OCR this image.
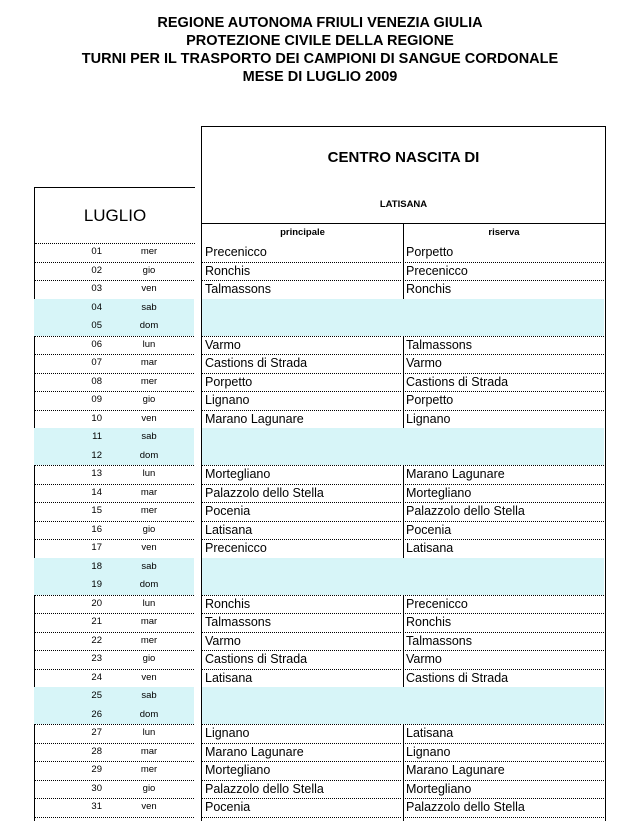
REGIONE AUTONOMA FRIULI VENEZIA GIULIA
PROTEZIONE CIVILE DELLA REGIONE
TURNI PER IL TRASPORTO DEI CAMPIONI DI SANGUE CORDONALE
MESE DI LUGLIO 2009
LUGLIO
CENTRO NASCITA DI
LATISANA
principale	riserva
01	mer	Precenicco	Porpetto
02	gio	Ronchis	Precenicco
03	ven	Talmassons	Ronchis
04	sab
05	dom
06	lun	Varmo	Talmassons
07	mar	Castions di Strada	Varmo
08	mer	Porpetto	Castions di Strada
09	gio	Lignano	Porpetto
10	ven	Marano Lagunare	Lignano
11	sab
12	dom
13	lun	Mortegliano	Marano Lagunare
14	mar	Palazzolo dello Stella	Mortegliano
15	mer	Pocenia	Palazzolo dello Stella
16	gio	Latisana	Pocenia
17	ven	Precenicco	Latisana
18	sab
19	dom
20	lun	Ronchis	Precenicco
21	mar	Talmassons	Ronchis
22	mer	Varmo	Talmassons
23	gio	Castions di Strada	Varmo
24	ven	Latisana	Castions di Strada
25	sab
26	dom
27	lun	Lignano	Latisana
28	mar	Marano Lagunare	Lignano
29	mer	Mortegliano	Marano Lagunare
30	gio	Palazzolo dello Stella	Mortegliano
31	ven	Pocenia	Palazzolo dello Stella
